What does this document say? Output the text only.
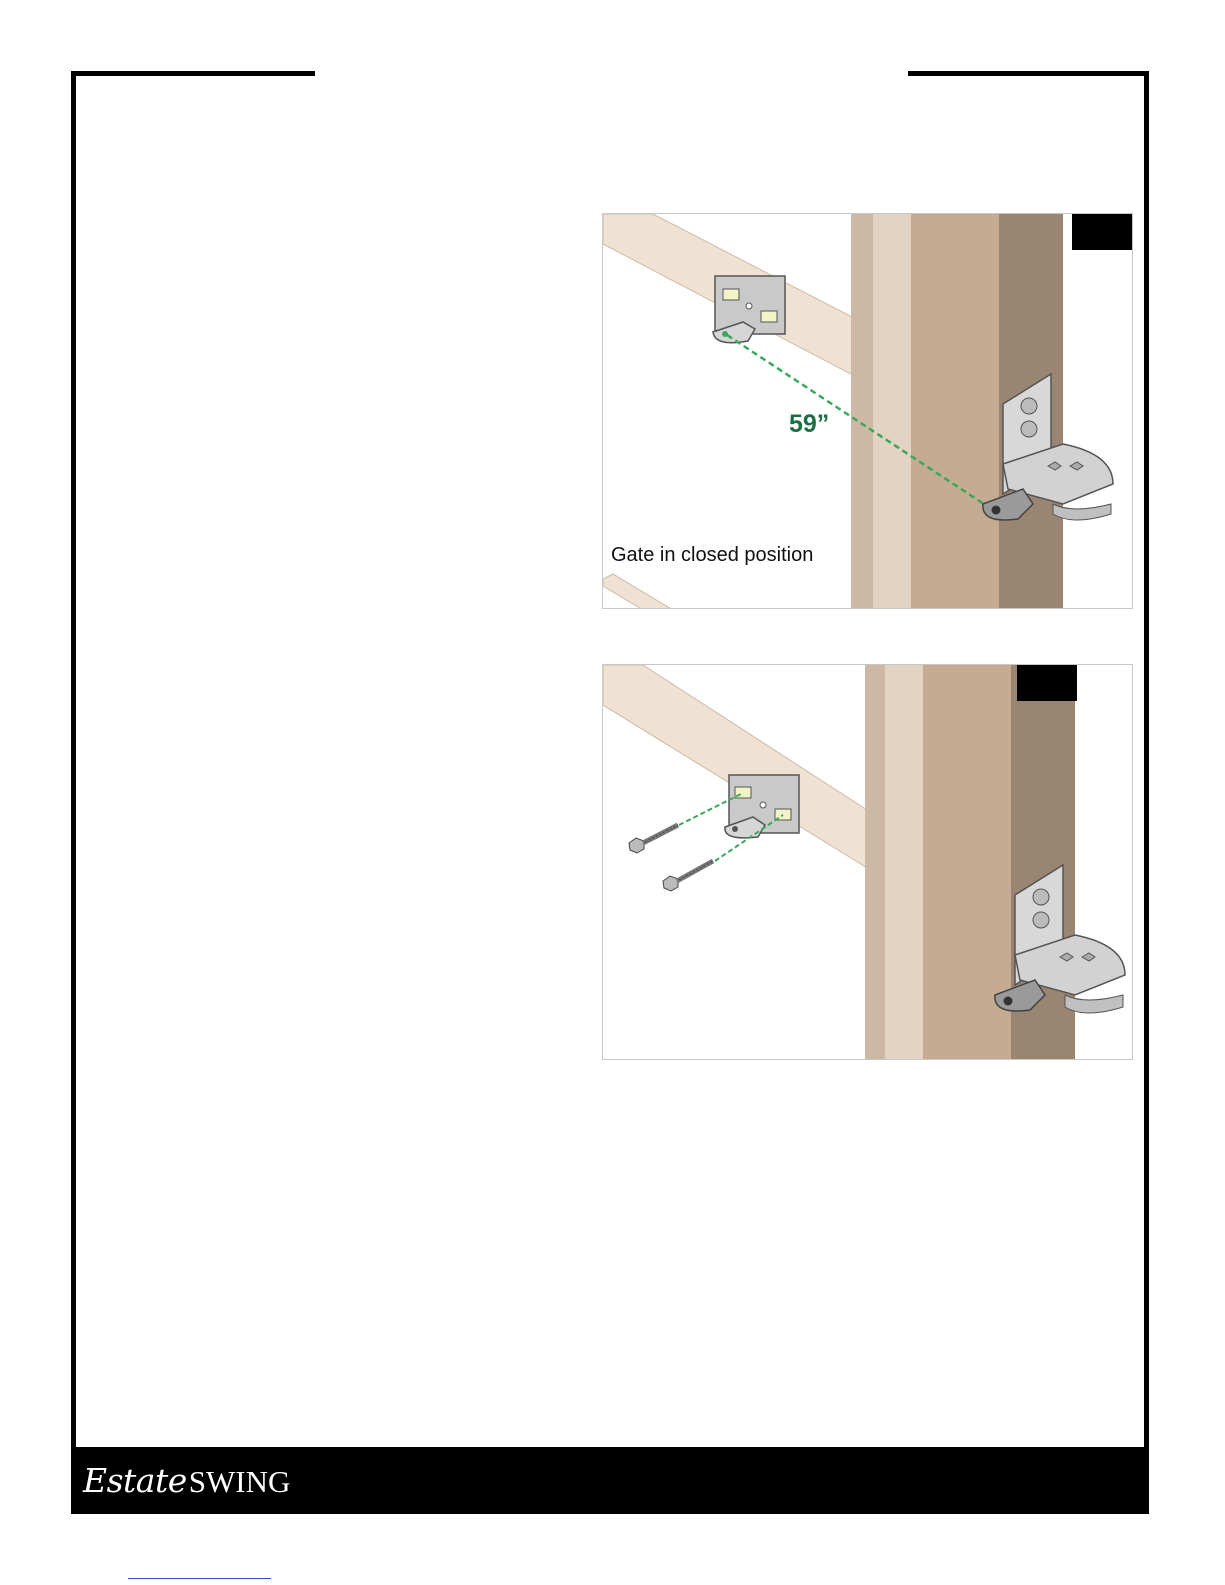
59”
Gate in closed position
EstateSWING
